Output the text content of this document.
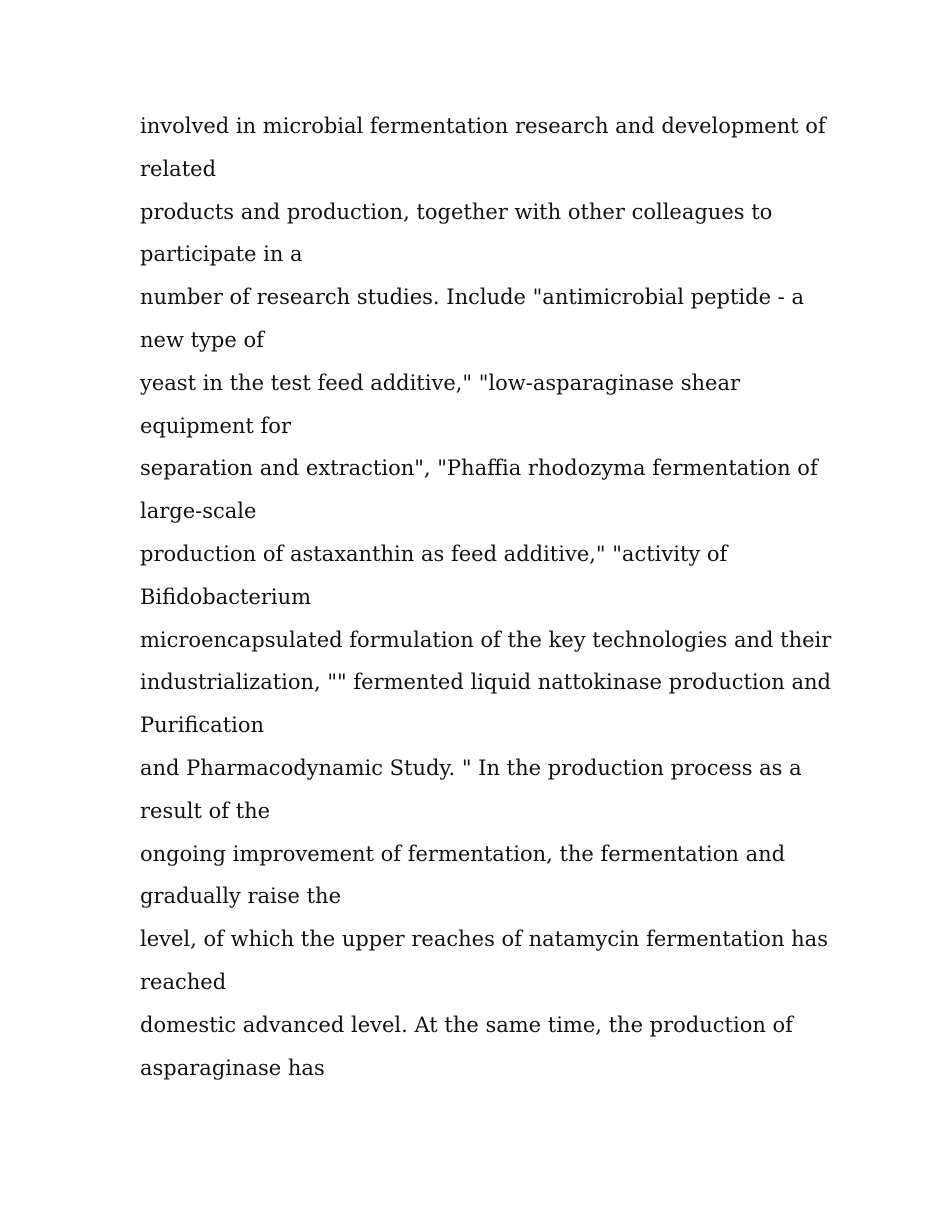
involved in microbial fermentation research and development of
related
products and production, together with other colleagues to
participate in a
number of research studies. Include "antimicrobial peptide - a
new type of
yeast in the test feed additive," "low-asparaginase shear
equipment for
separation and extraction", "Phaffia rhodozyma fermentation of
large-scale
production of astaxanthin as feed additive," "activity of
Bifidobacterium
microencapsulated formulation of the key technologies and their
industrialization, "" fermented liquid nattokinase production and
Purification
and Pharmacodynamic Study. " In the production process as a
result of the
ongoing improvement of fermentation, the fermentation and
gradually raise the
level, of which the upper reaches of natamycin fermentation has
reached
domestic advanced level. At the same time, the production of
asparaginase has
